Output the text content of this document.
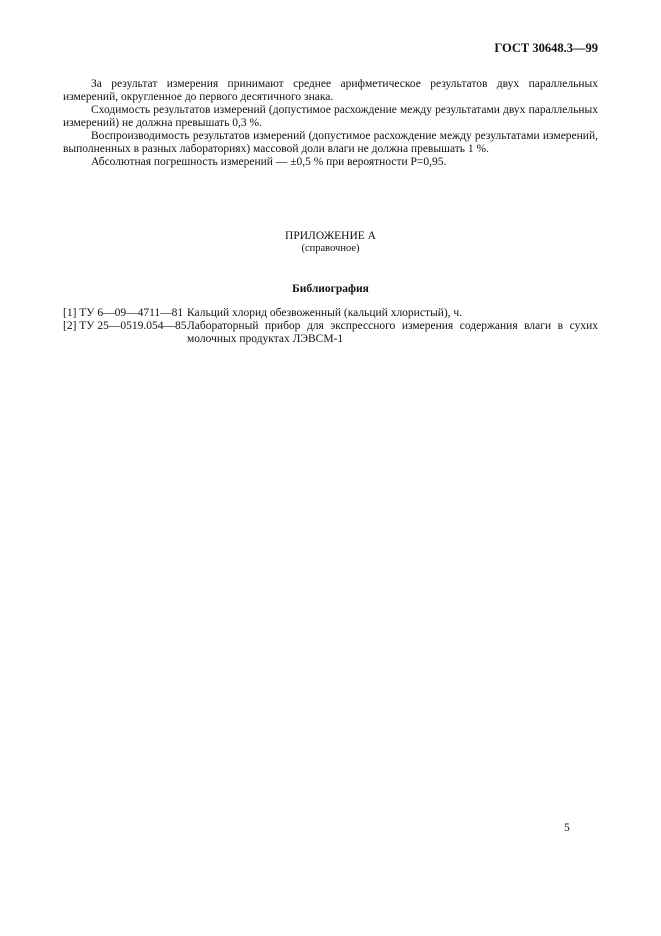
ГОСТ 30648.3—99

За результат измерения принимают среднее арифметическое результатов двух параллельных измерений, округленное до первого десятичного знака.

Сходимость результатов измерений (допустимое расхождение между результатами двух параллельных измерений) не должна превышать 0,3 %.

Воспроизводимость результатов измерений (допустимое расхождение между результатами измерений, выполненных в разных лабораториях) массовой доли влаги не должна превышать 1 %.

Абсолютная погрешность измерений — ±0,5 % при вероятности P=0,95.

ПРИЛОЖЕНИЕ А
(справочное)
Библиография
[1] ТУ 6—09—4711—81 Кальций хлорид обезвоженный (кальций хлористый), ч.
[2] ТУ 25—0519.054—85 Лабораторный прибор для экспрессного измерения содержания влаги в сухих молочных продуктах ЛЭВСМ-1
5
